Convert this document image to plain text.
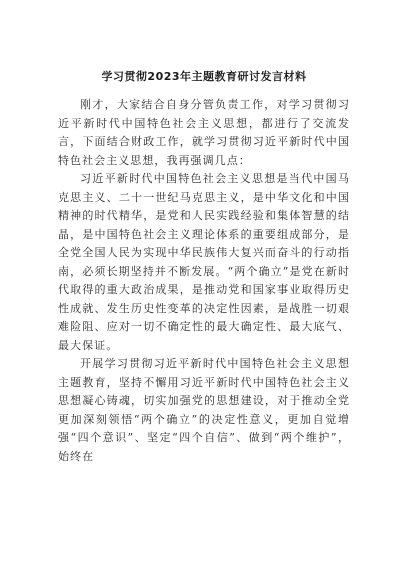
学习贯彻2023年主题教育研讨发言材料

刚才，大家结合自身分管负责工作，对学习贯彻习近平新时代中国特色社会主义思想，都进行了交流发言，下面结合财政工作，就学习贯彻习近平新时代中国特色社会主义思想，我再强调几点：

习近平新时代中国特色社会主义思想是当代中国马克思主义、二十一世纪马克思主义，是中华文化和中国精神的时代精华，是党和人民实践经验和集体智慧的结晶，是中国特色社会主义理论体系的重要组成部分，是全党全国人民为实现中华民族伟大复兴而奋斗的行动指南，必须长期坚持并不断发展。“两个确立”是党在新时代取得的重大政治成果，是推动党和国家事业取得历史性成就、发生历史性变革的决定性因素，是战胜一切艰难险阻、应对一切不确定性的最大确定性、最大底气、最大保证。

开展学习贯彻习近平新时代中国特色社会主义思想主题教育，坚持不懈用习近平新时代中国特色社会主义思想凝心铸魂，切实加强党的思想建设，对于推动全党更加深刻领悟“两个确立”的决定性意义，更加自觉增强“四个意识”、坚定“四个自信”、做到“两个维护”，始终在
